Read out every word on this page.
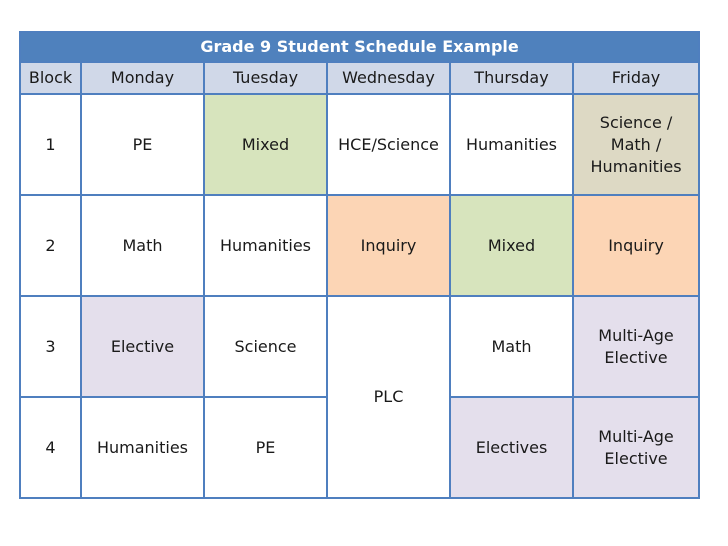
Grade 9 Student Schedule Example					
Block	Monday	Tuesday	Wednesday	Thursday	Friday
1	PE	Mixed	HCE/Science	Humanities	Science / Math / Humanities
2	Math	Humanities	Inquiry	Mixed	Inquiry
3	Elective	Science	PLC	Math	Multi-Age Elective
4	Humanities	PE		Electives	Multi-Age Elective
